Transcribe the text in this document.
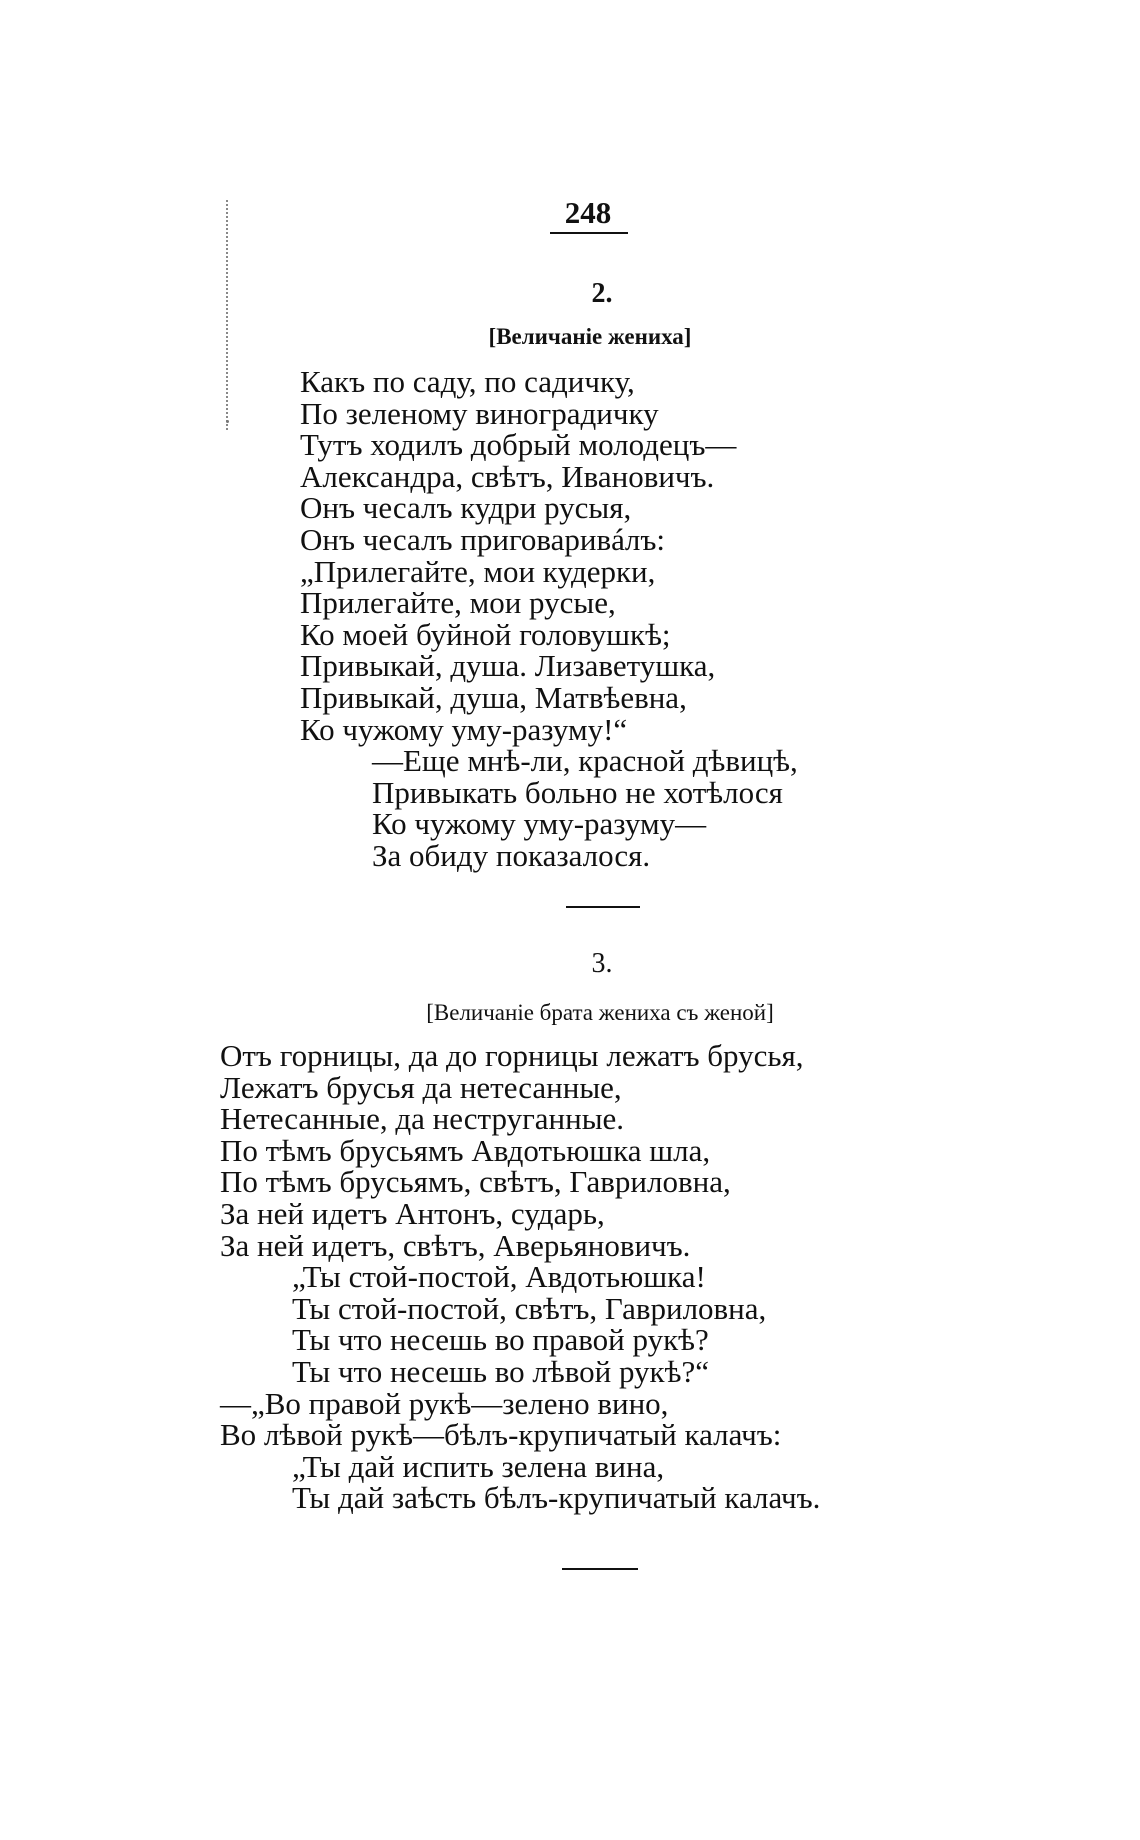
248
2.
[Величаніе жениха]
Какъ по саду, по садичку,
По зеленому виноградичку
Тутъ ходилъ добрый молодецъ—
Александра, свѣтъ, Ивановичъ.
Онъ чесалъ кудри русыя,
Онъ чесалъ приговаривáлъ:
„Прилегайте, мои кудерки,
Прилегайте, мои русые,
Ко моей буйной головушкѣ;
Привыкай, душа. Лизаветушка,
Привыкай, душа, Матвѣевна,
Ко чужому уму-разуму!“
—Еще мнѣ-ли, красной дѣвицѣ,
Привыкать больно не хотѣлося
Ко чужому уму-разуму—
За обиду показалося.
3.
[Величаніе брата жениха съ женой]
Отъ горницы, да до горницы лежатъ брусья,
Лежатъ брусья да нетесанные,
Нетесанные, да неструганные.
По тѣмъ брусьямъ Авдотьюшка шла,
По тѣмъ брусьямъ, свѣтъ, Гавриловна,
За ней идетъ Антонъ, сударь,
За ней идетъ, свѣтъ, Аверьяновичъ.
„Ты стой-постой, Авдотьюшка!
Ты стой-постой, свѣтъ, Гавриловна,
Ты что несешь во правой рукѣ?
Ты что несешь во лѣвой рукѣ?“
—„Во правой рукѣ—зелено вино,
Во лѣвой рукѣ—бѣлъ-крупичатый калачъ:
„Ты дай испить зелена вина,
Ты дай заѣсть бѣлъ-крупичатый калачъ.
